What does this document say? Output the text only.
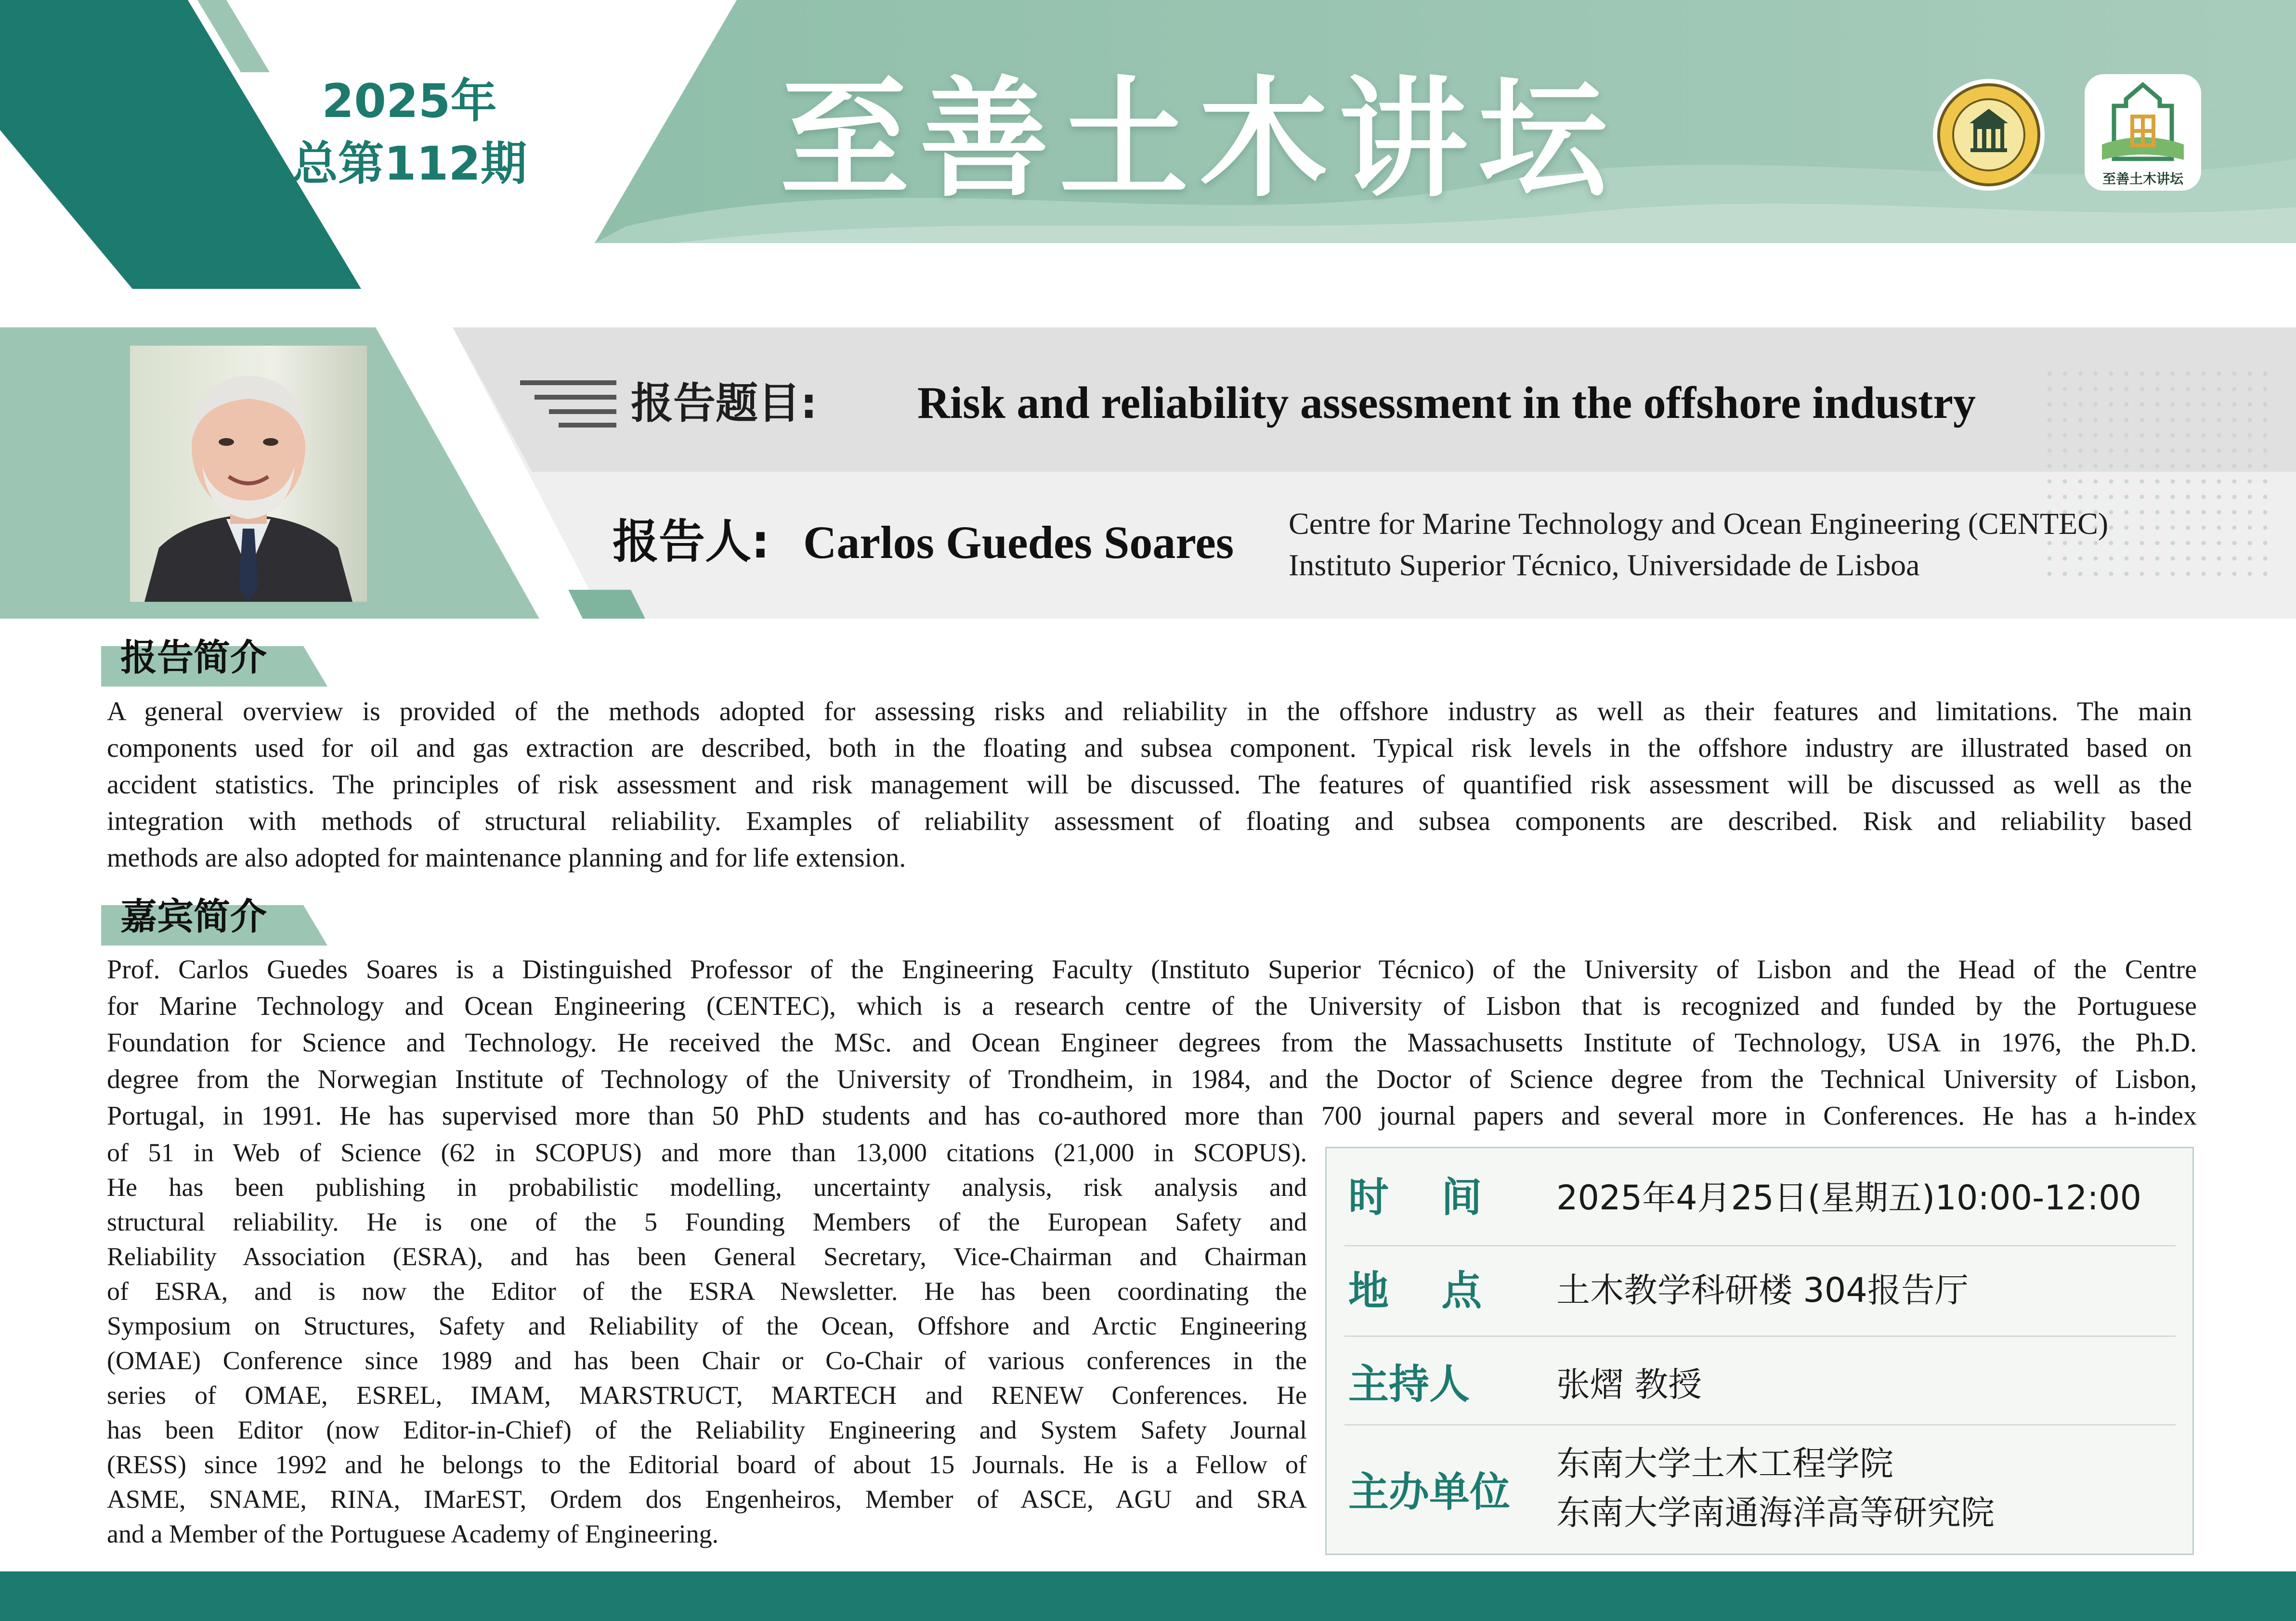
2025年
总第112期 至善土木讲坛	至善土木讲坛
报告题目: Risk and reliability assessment in the offshore industry
报告人: Carlos Guedes Soares Centre for Marine Technology and Ocean Engineering (CENTEC)
Instituto Superior Técnico, Universidade de Lisboa
报告简介
A general overview is provided of the methods adopted for assessing risks and reliability in the offshore industry as well as their features and limitations. The main
components used for oil and gas extraction are described, both in the floating and subsea component. Typical risk levels in the offshore industry are illustrated based on
accident statistics. The principles of risk assessment and risk management will be discussed. The features of quantified risk assessment will be discussed as well as the
integration with methods of structural reliability. Examples of reliability assessment of floating and subsea components are described. Risk and reliability based
methods are also adopted for maintenance planning and for life extension.
嘉宾简介
Prof. Carlos Guedes Soares is a Distinguished Professor of the Engineering Faculty (Instituto Superior Técnico) of the University of Lisbon and the Head of the Centre
for Marine Technology and Ocean Engineering (CENTEC), which is a research centre of the University of Lisbon that is recognized and funded by the Portuguese
Foundation for Science and Technology. He received the MSc. and Ocean Engineer degrees from the Massachusetts Institute of Technology, USA in 1976, the Ph.D.
degree from the Norwegian Institute of Technology of the University of Trondheim, in 1984, and the Doctor of Science degree from the Technical University of Lisbon,
Portugal, in 1991. He has supervised more than 50 PhD students and has co-authored more than 700 journal papers and several more in Conferences. He has a h-index
of 51 in Web of Science (62 in SCOPUS) and more than 13,000 citations (21,000 in SCOPUS).
He has been publishing in probabilistic modelling, uncertainty analysis, risk analysis and
structural reliability. He is one of the 5 Founding Members of the European Safety and
Reliability Association (ESRA), and has been General Secretary, Vice-Chairman and Chairman
of ESRA, and is now the Editor of the ESRA Newsletter. He has been coordinating the
Symposium on Structures, Safety and Reliability of the Ocean, Offshore and Arctic Engineering
(OMAE) Conference since 1989 and has been Chair or Co-Chair of various conferences in the
series of OMAE, ESREL, IMAM, MARSTRUCT, MARTECH and RENEW Conferences. He
has been Editor (now Editor-in-Chief) of the Reliability Engineering and System Safety Journal
(RESS) since 1992 and he belongs to the Editorial board of about 15 Journals. He is a Fellow of
ASME, SNAME, RINA, IMarEST, Ordem dos Engenheiros, Member of ASCE, AGU and SRA
and a Member of the Portuguese Academy of Engineering.
时 间 2025年4月25日(星期五)10:00-12:00
地 点 土木教学科研楼 304报告厅
主持人	张熠 教授
主办单位
东南大学土木工程学院
东南大学南通海洋高等研究院
